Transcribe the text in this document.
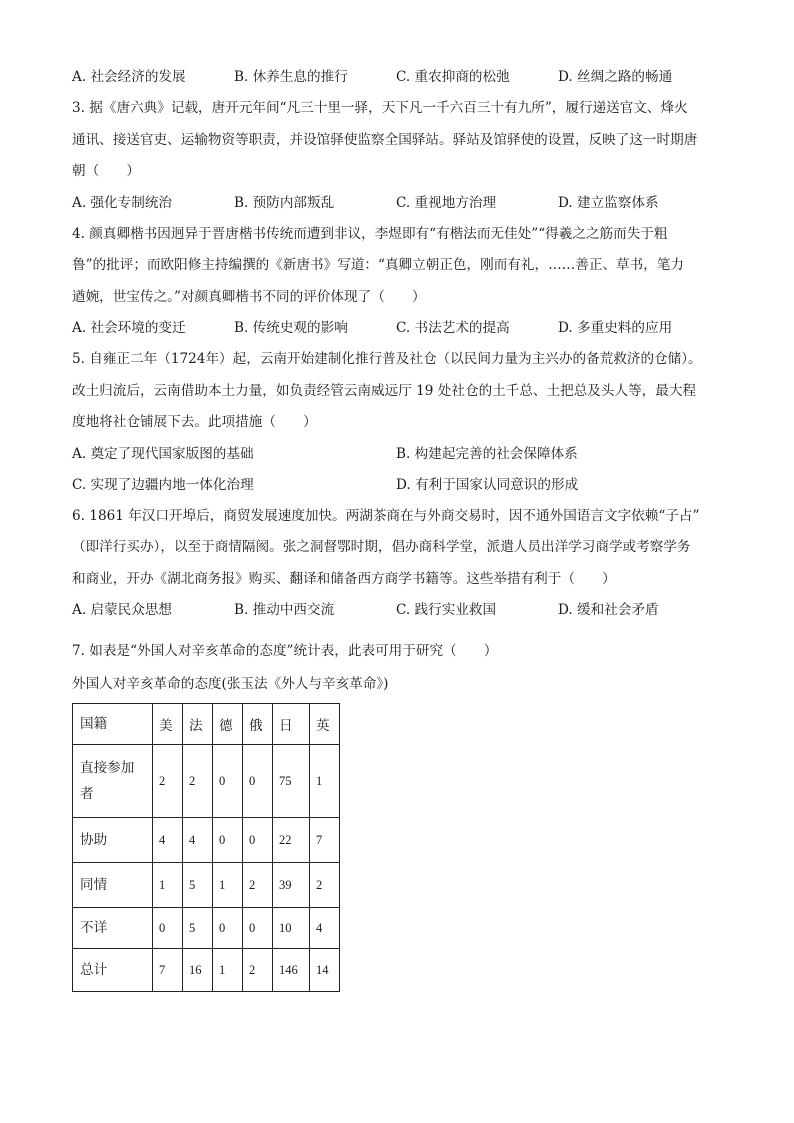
A. 社会经济的发展	B. 休养生息的推行	C. 重农抑商的松弛	D. 丝绸之路的畅通
3. 据《唐六典》记载，唐开元年间“凡三十里一驿，天下凡一千六百三十有九所”，履行递送官文、烽火
通讯、接送官吏、运输物资等职责，并设馆驿使监察全国驿站。驿站及馆驿使的设置，反映了这一时期唐
朝（　　）
A. 强化专制统治	B. 预防内部叛乱	C. 重视地方治理	D. 建立监察体系
4. 颜真卿楷书因迥异于晋唐楷书传统而遭到非议，李煜即有“有楷法而无佳处”“得羲之之筋而失于粗
鲁”的批评；而欧阳修主持编撰的《新唐书》写道：“真卿立朝正色，刚而有礼，……善正、草书，笔力
遒婉，世宝传之。”对颜真卿楷书不同的评价体现了（　　）
A. 社会环境的变迁	B. 传统史观的影响	C. 书法艺术的提高	D. 多重史料的应用
5. 自雍正二年（1724年）起，云南开始建制化推行普及社仓（以民间力量为主兴办的备荒救济的仓储）。
改土归流后，云南借助本土力量，如负责经管云南威远厅 19 处社仓的土千总、土把总及头人等，最大程
度地将社仓铺展下去。此项措施（　　）
A. 奠定了现代国家版图的基础	B. 构建起完善的社会保障体系
C. 实现了边疆内地一体化治理	D. 有利于国家认同意识的形成
6. 1861 年汉口开埠后，商贸发展速度加快。两湖茶商在与外商交易时，因不通外国语言文字依赖“子占”
（即洋行买办），以至于商情隔阂。张之洞督鄂时期，倡办商科学堂，派遣人员出洋学习商学或考察学务
和商业，开办《湖北商务报》购买、翻译和储备西方商学书籍等。这些举措有利于（　　）
A. 启蒙民众思想	B. 推动中西交流	C. 践行实业救国	D. 缓和社会矛盾
7. 如表是“外国人对辛亥革命的态度”统计表，此表可用于研究（　　）
外国人对辛亥革命的态度(张玉法《外人与辛亥革命》)
国籍	美	法	德	俄	日	英
直接参加者	2	2	0	0	75	1
协助	4	4	0	0	22	7
同情	1	5	1	2	39	2
不详	0	5	0	0	10	4
总计	7	16	1	2	146	14
